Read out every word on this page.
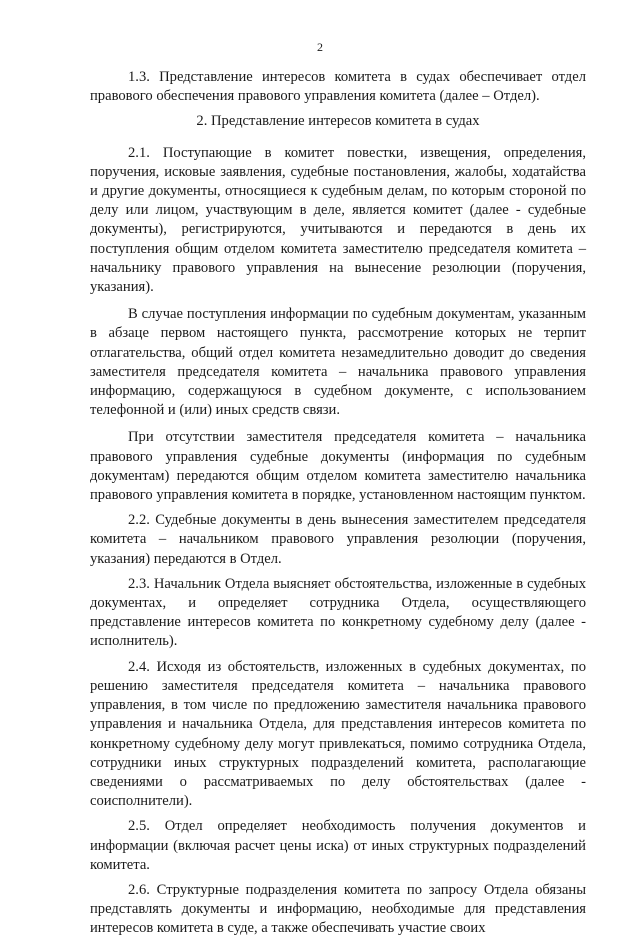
2

1.3. Представление интересов комитета в судах обеспечивает отдел правового обеспечения правового управления комитета (далее – Отдел).

2. Представление интересов комитета в судах

2.1. Поступающие в комитет повестки, извещения, определения, поручения, исковые заявления, судебные постановления, жалобы, ходатайства и другие документы, относящиеся к судебным делам, по которым стороной по делу или лицом, участвующим в деле, является комитет (далее - судебные документы), регистрируются, учитываются и передаются в день их поступления общим отделом комитета заместителю председателя комитета – начальнику правового управления на вынесение резолюции (поручения, указания).

В случае поступления информации по судебным документам, указанным в абзаце первом настоящего пункта, рассмотрение которых не терпит отлагательства, общий отдел комитета незамедлительно доводит до сведения заместителя председателя комитета – начальника правового управления информацию, содержащуюся в судебном документе, с использованием телефонной и (или) иных средств связи.

При отсутствии заместителя председателя комитета – начальника правового управления судебные документы (информация по судебным документам) передаются общим отделом комитета заместителю начальника правового управления комитета в порядке, установленном настоящим пунктом.

2.2. Судебные документы в день вынесения заместителем председателя комитета – начальником правового управления резолюции (поручения, указания) передаются в Отдел.

2.3. Начальник Отдела выясняет обстоятельства, изложенные в судебных документах, и определяет сотрудника Отдела, осуществляющего представление интересов комитета по конкретному судебному делу (далее - исполнитель).

2.4. Исходя из обстоятельств, изложенных в судебных документах, по решению заместителя председателя комитета – начальника правового управления, в том числе по предложению заместителя начальника правового управления и начальника Отдела, для представления интересов комитета по конкретному судебному делу могут привлекаться, помимо сотрудника Отдела, сотрудники иных структурных подразделений комитета, располагающие сведениями о рассматриваемых по делу обстоятельствах (далее - соисполнители).

2.5. Отдел определяет необходимость получения документов и информации (включая расчет цены иска) от иных структурных подразделений комитета.

2.6. Структурные подразделения комитета по запросу Отдела обязаны представлять документы и информацию, необходимые для представления интересов комитета в суде, а также обеспечивать участие своих
